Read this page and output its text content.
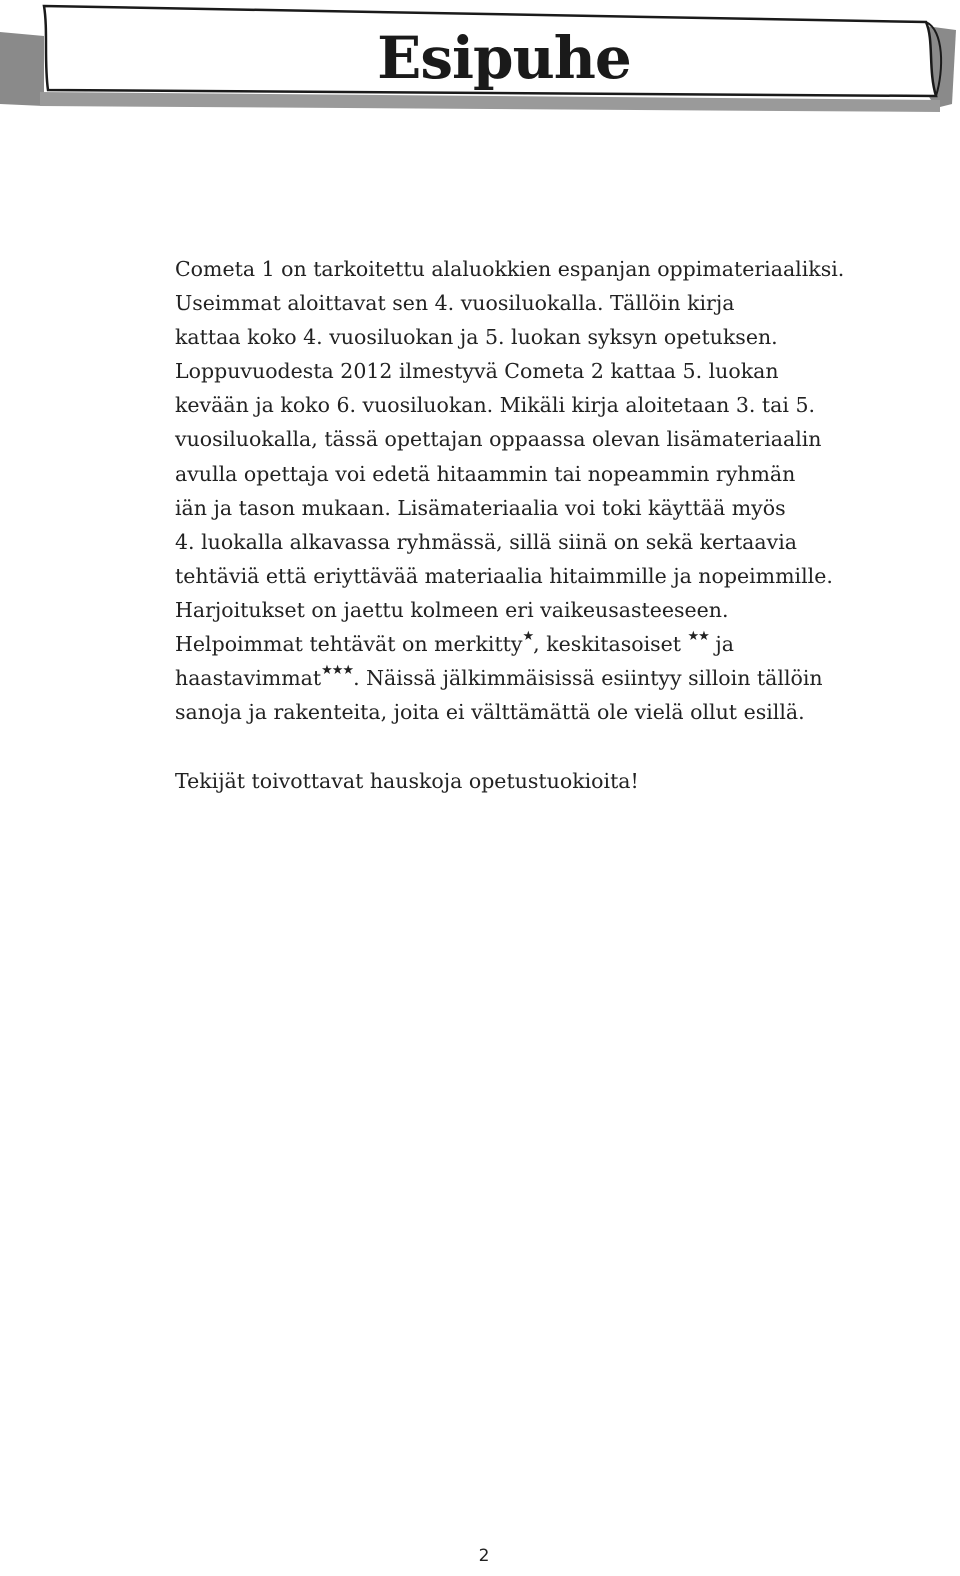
Esipuhe
Cometa 1 on tarkoitettu alaluokkien espanjan oppimateriaaliksi.
Useimmat aloittavat sen 4. vuosiluokalla. Tällöin kirja
kattaa koko 4. vuosiluokan ja 5. luokan syksyn opetuksen.
Loppuvuodesta 2012 ilmestyvä Cometa 2 kattaa 5. luokan
kevään ja koko 6. vuosiluokan. Mikäli kirja aloitetaan 3. tai 5.
vuosiluokalla, tässä opettajan oppaassa olevan lisämateriaalin
avulla opettaja voi edetä hitaammin tai nopeammin ryhmän
iän ja tason mukaan. Lisämateriaalia voi toki käyttää myös
4. luokalla alkavassa ryhmässä, sillä siinä on sekä kertaavia
tehtäviä että eriyttävää materiaalia hitaimmille ja nopeimmille.
Harjoitukset on jaettu kolmeen eri vaikeusasteeseen.
Helpoimmat tehtävät on merkitty★, keskitasoiset ★★ ja
haastavimmat★★★. Näissä jälkimmäisissä esiintyy silloin tällöin
sanoja ja rakenteita, joita ei välttämättä ole vielä ollut esillä.
Tekijät toivottavat hauskoja opetustuokioita!
2
